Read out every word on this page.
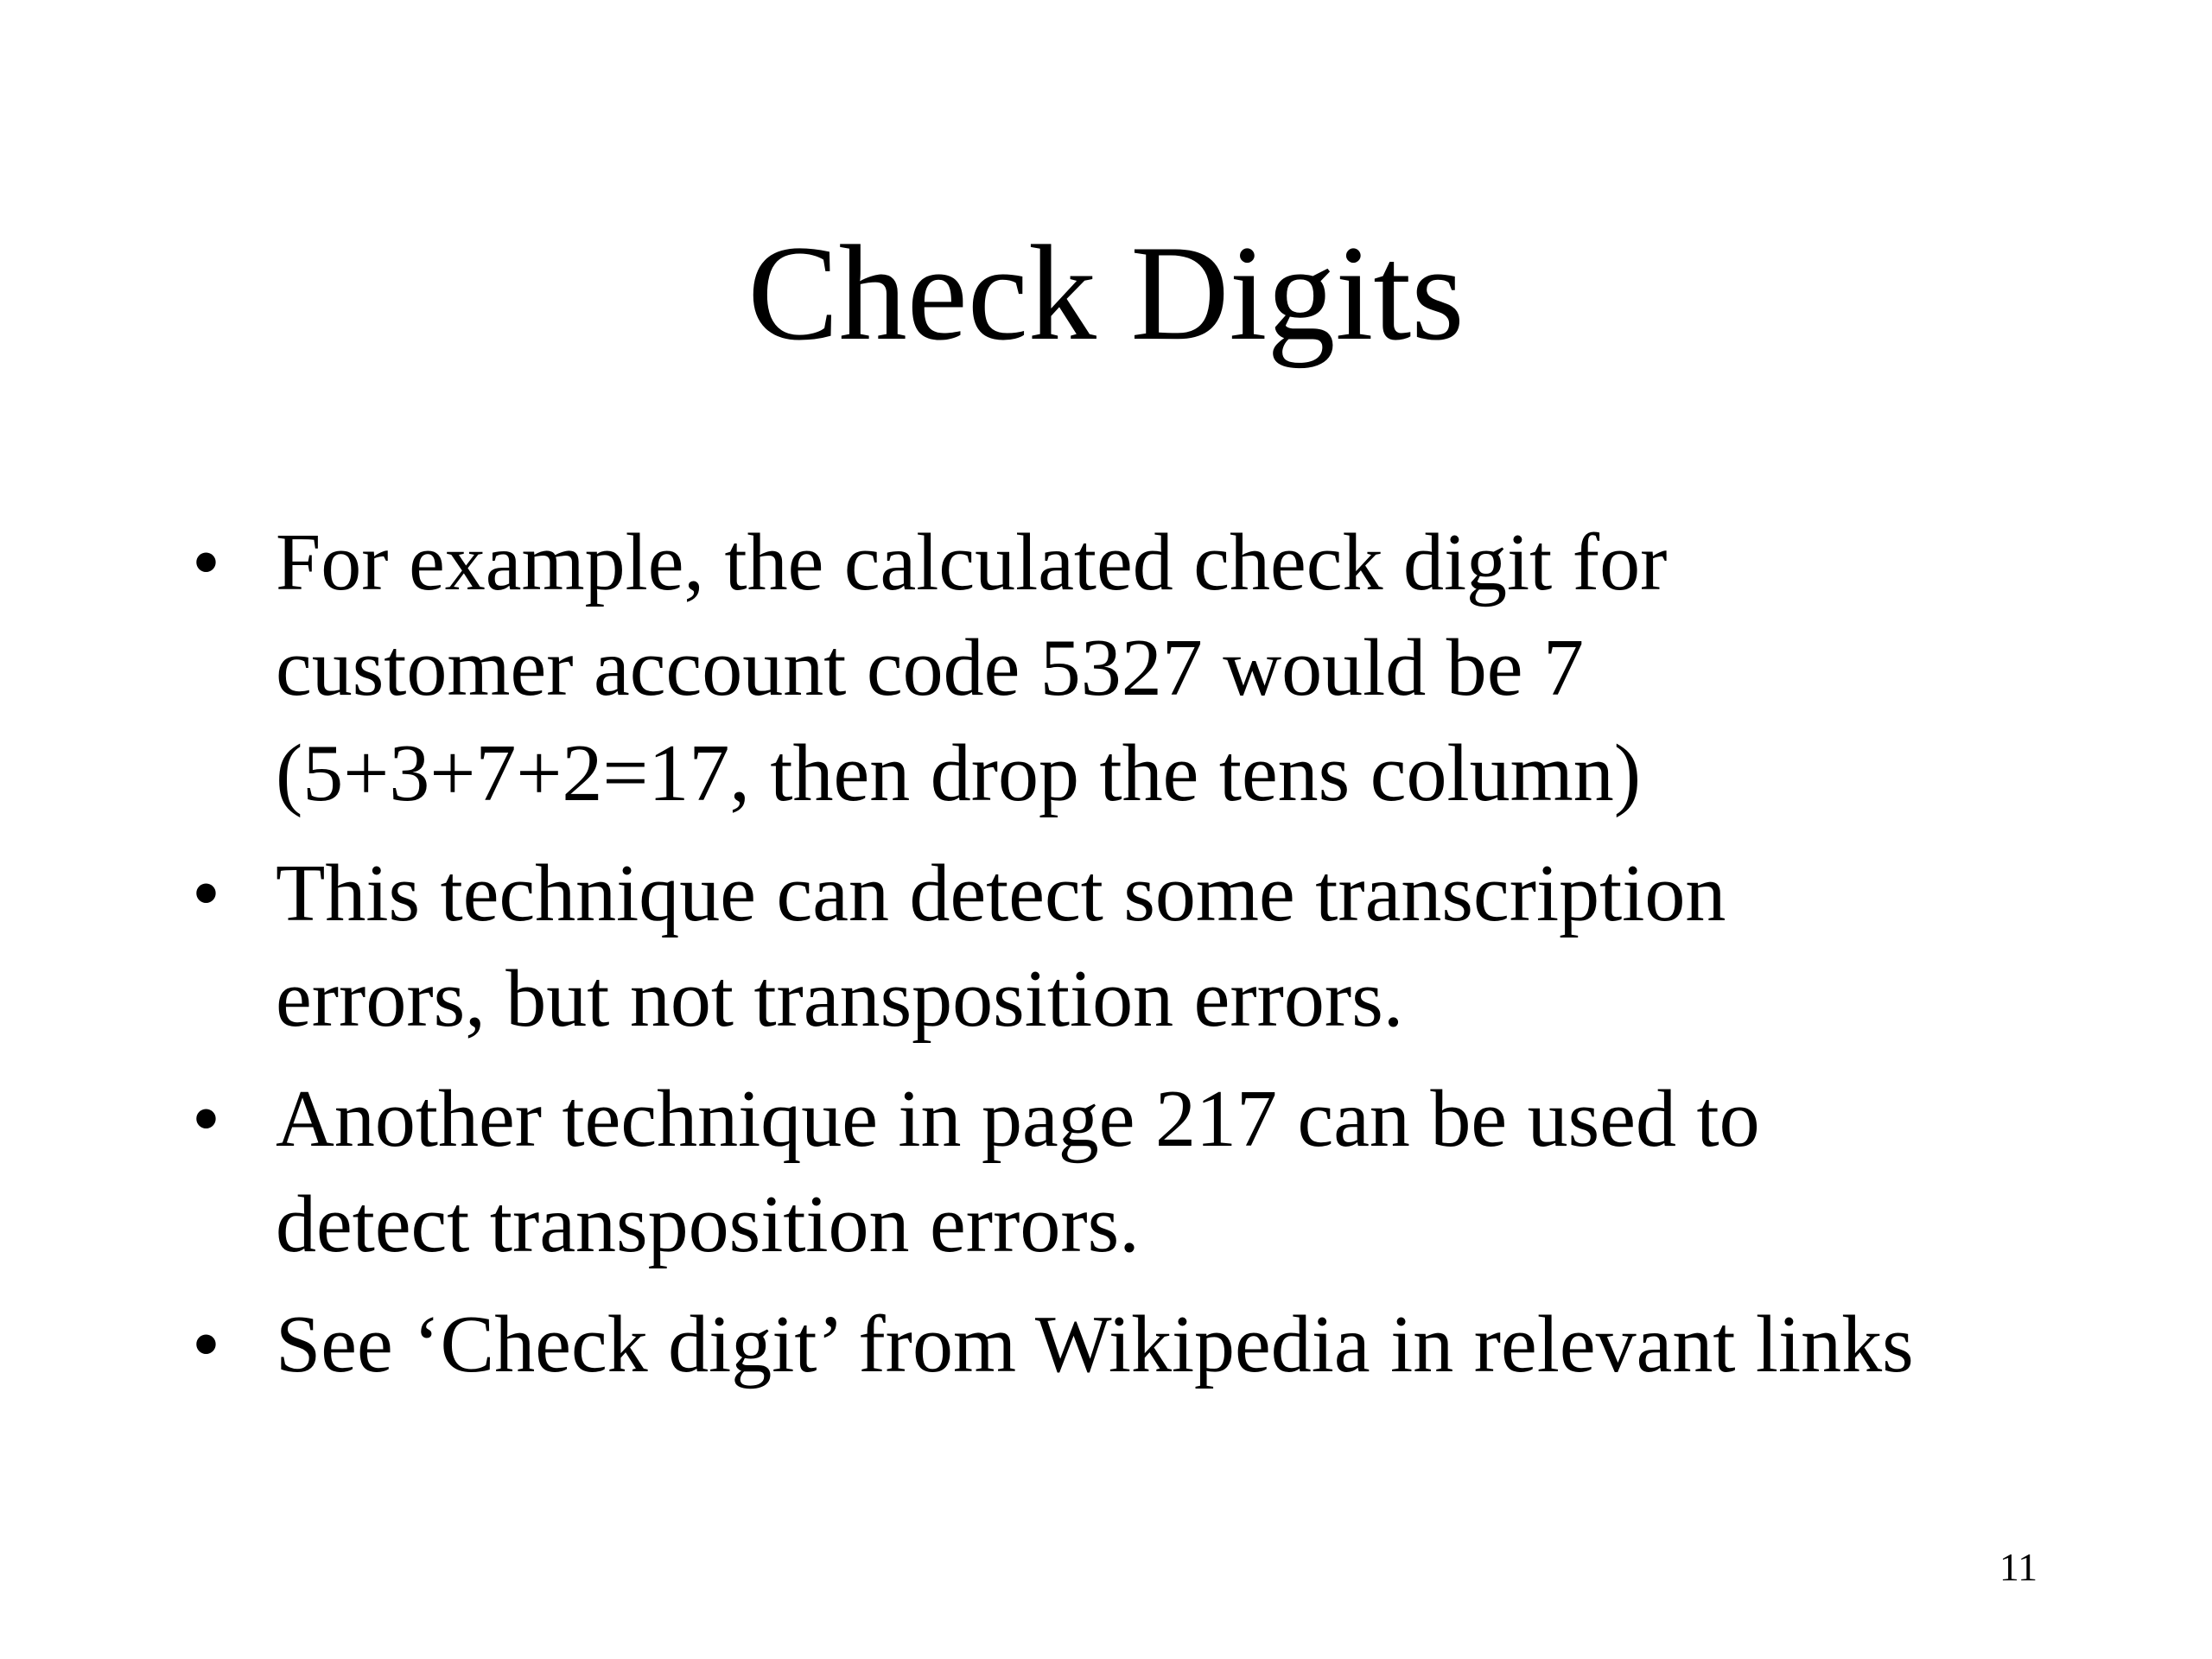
Check Digits
• For example, the calculated check digit for
customer account code 5327 would be 7
(5+3+7+2=17, then drop the tens column)
• This technique can detect some transcription
errors, but not transposition errors.
• Another technique in page 217 can be used to
detect transposition errors.
• See ‘Check digit’ from Wikipedia in relevant links
11
